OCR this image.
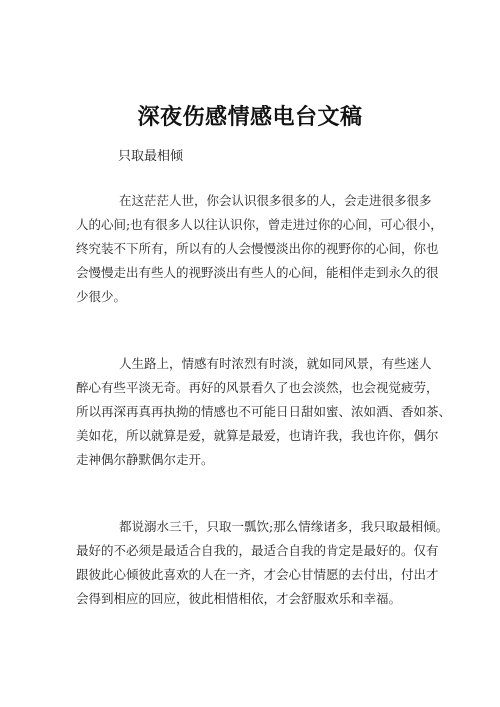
深夜伤感情感电台文稿
只取最相倾
在这茫茫人世，你会认识很多很多的人，会走进很多很多
人的心间;也有很多人以往认识你，曾走进过你的心间，可心很小，
终究装不下所有，所以有的人会慢慢淡出你的视野你的心间，你也
会慢慢走出有些人的视野淡出有些人的心间，能相伴走到永久的很
少很少。
人生路上，情感有时浓烈有时淡，就如同风景，有些迷人
醉心有些平淡无奇。再好的风景看久了也会淡然，也会视觉疲劳，
所以再深再真再执拗的情感也不可能日日甜如蜜、浓如酒、香如茶、
美如花，所以就算是爱，就算是最爱，也请许我，我也许你，偶尔
走神偶尔静默偶尔走开。
都说溺水三千，只取一瓢饮;那么情缘诸多，我只取最相倾。
最好的不必须是最适合自我的，最适合自我的肯定是最好的。仅有
跟彼此心倾彼此喜欢的人在一齐，才会心甘情愿的去付出，付出才
会得到相应的回应，彼此相惜相依，才会舒服欢乐和幸福。
